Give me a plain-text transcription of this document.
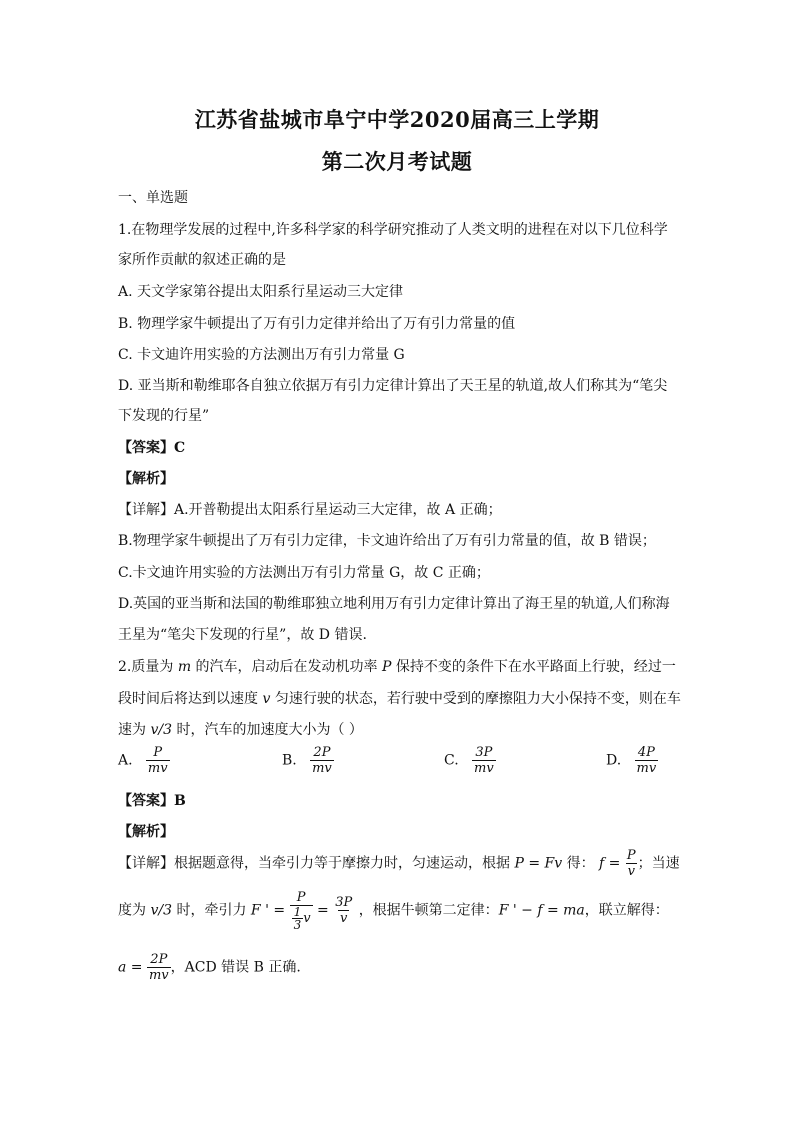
江苏省盐城市阜宁中学2020届高三上学期
第二次月考试题
一、单选题
1.在物理学发展的过程中,许多科学家的科学研究推动了人类文明的进程在对以下几位科学
家所作贡献的叙述正确的是
A. 天文学家第谷提出太阳系行星运动三大定律
B. 物理学家牛顿提出了万有引力定律并给出了万有引力常量的值
C. 卡文迪许用实验的方法测出万有引力常量 G
D. 亚当斯和勒维耶各自独立依据万有引力定律计算出了天王星的轨道,故人们称其为“笔尖
下发现的行星”
【答案】C
【解析】
【详解】A.开普勒提出太阳系行星运动三大定律，故 A 正确；
B.物理学家牛顿提出了万有引力定律，卡文迪许给出了万有引力常量的值，故 B 错误；
C.卡文迪许用实验的方法测出万有引力常量 G，故 C 正确；
D.英国的亚当斯和法国的勒维耶独立地利用万有引力定律计算出了海王星的轨道,人们称海
王星为“笔尖下发现的行星”，故 D 错误.
2.质量为 m 的汽车，启动后在发动机功率 P 保持不变的条件下在水平路面上行驶，经过一
段时间后将达到以速度 v 匀速行驶的状态，若行驶中受到的摩擦阻力大小保持不变，则在车
速为 v/3 时，汽车的加速度大小为（ ）
A. $\frac{P}{mv}$	B. $\frac{2P}{mv}$	C. $\frac{3P}{mv}$	D. $\frac{4P}{mv}$
【答案】B
【解析】
【详解】根据题意得，当牵引力等于摩擦力时，匀速运动，根据 P = Fv 得： $f = \frac{P}{v}$ ；当速
度为 v/3 时，牵引力 F ' = $\frac{P}{\frac{1}{3} v} = \frac{3P}{v}$ ，根据牛顿第二定律：F ' − f = ma，联立解得：
$a = \frac{2P}{mv}$ ，ACD 错误 B 正确.
